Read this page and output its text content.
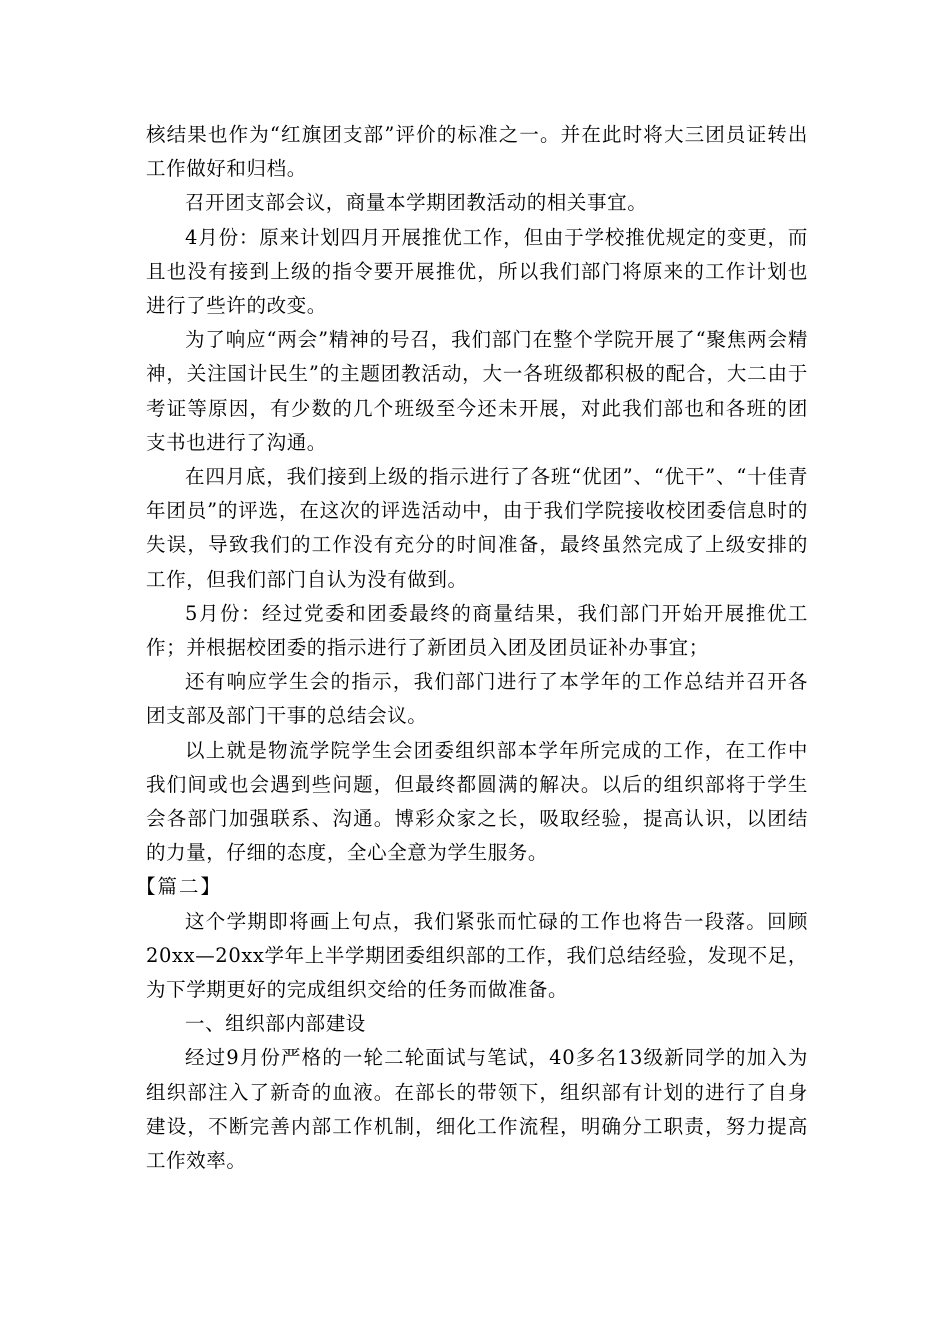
核结果也作为“红旗团支部”评价的标准之一。并在此时将大三团员证转出工作做好和归档。

召开团支部会议，商量本学期团教活动的相关事宜。

4月份：原来计划四月开展推优工作，但由于学校推优规定的变更，而且也没有接到上级的指令要开展推优，所以我们部门将原来的工作计划也进行了些许的改变。

为了响应“两会”精神的号召，我们部门在整个学院开展了“聚焦两会精神，关注国计民生”的主题团教活动，大一各班级都积极的配合，大二由于考证等原因，有少数的几个班级至今还未开展，对此我们部也和各班的团支书也进行了沟通。

在四月底，我们接到上级的指示进行了各班“优团”、“优干”、“十佳青年团员”的评选，在这次的评选活动中，由于我们学院接收校团委信息时的失误，导致我们的工作没有充分的时间准备，最终虽然完成了上级安排的工作，但我们部门自认为没有做到。

5月份：经过党委和团委最终的商量结果，我们部门开始开展推优工作；并根据校团委的指示进行了新团员入团及团员证补办事宜；

还有响应学生会的指示，我们部门进行了本学年的工作总结并召开各团支部及部门干事的总结会议。

以上就是物流学院学生会团委组织部本学年所完成的工作，在工作中我们间或也会遇到些问题，但最终都圆满的解决。以后的组织部将于学生会各部门加强联系、沟通。博彩众家之长，吸取经验，提高认识，以团结的力量，仔细的态度，全心全意为学生服务。

【篇二】

这个学期即将画上句点，我们紧张而忙碌的工作也将告一段落。回顾20xx—20xx学年上半学期团委组织部的工作，我们总结经验，发现不足，为下学期更好的完成组织交给的任务而做准备。

一、组织部内部建设

经过9月份严格的一轮二轮面试与笔试，40多名13级新同学的加入为组织部注入了新奇的血液。在部长的带领下，组织部有计划的进行了自身建设，不断完善内部工作机制，细化工作流程，明确分工职责，努力提高工作效率。
